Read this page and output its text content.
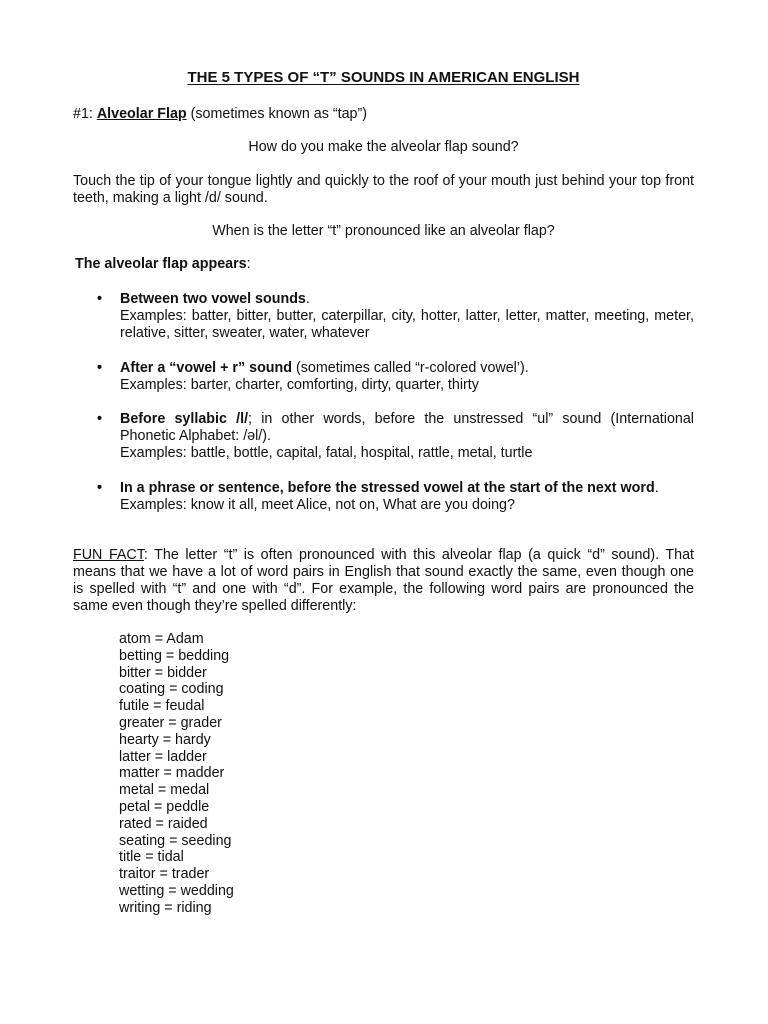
THE 5 TYPES OF “T” SOUNDS IN AMERICAN ENGLISH
#1: Alveolar Flap (sometimes known as “tap”)
How do you make the alveolar flap sound?
Touch the tip of your tongue lightly and quickly to the roof of your mouth just behind your top front teeth, making a light /d/ sound.
When is the letter “t” pronounced like an alveolar flap?
The alveolar flap appears:
• Between two vowel sounds.
Examples: batter, bitter, butter, caterpillar, city, hotter, latter, letter, matter, meeting, meter, relative, sitter, sweater, water, whatever
• After a “vowel + r” sound (sometimes called “r-colored vowel’).
Examples: barter, charter, comforting, dirty, quarter, thirty
• Before syllabic /l/; in other words, before the unstressed “ul” sound (International Phonetic Alphabet: /əl/).
Examples: battle, bottle, capital, fatal, hospital, rattle, metal, turtle
• In a phrase or sentence, before the stressed vowel at the start of the next word.
Examples: know it all, meet Alice, not on, What are you doing?
FUN FACT: The letter “t” is often pronounced with this alveolar flap (a quick “d” sound). That means that we have a lot of word pairs in English that sound exactly the same, even though one is spelled with “t” and one with “d”. For example, the following word pairs are pronounced the same even though they’re spelled differently:
atom = Adam
betting = bedding
bitter = bidder
coating = coding
futile = feudal
greater = grader
hearty = hardy
latter = ladder
matter = madder
metal = medal
petal = peddle
rated = raided
seating = seeding
title = tidal
traitor = trader
wetting = wedding
writing = riding
